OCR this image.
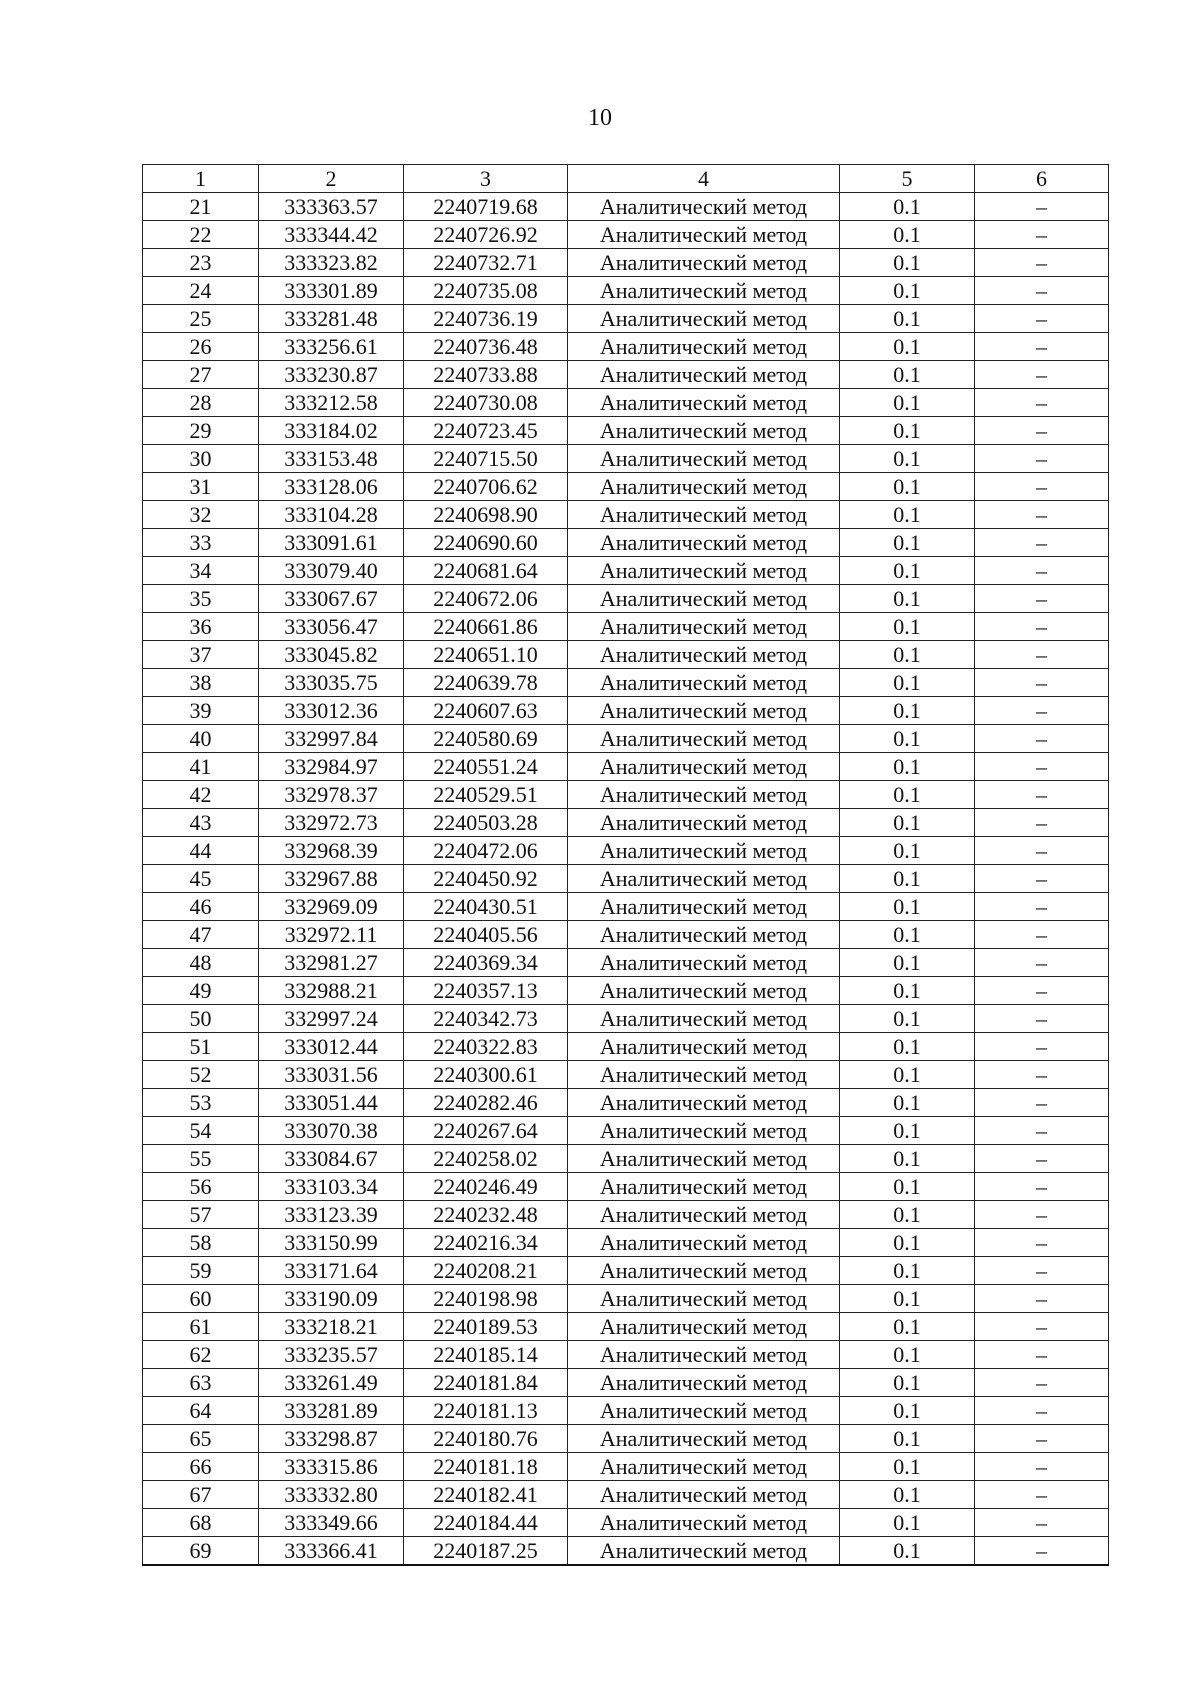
10
1	2	3	4	5	6
21	333363.57	2240719.68	Аналитический метод	0.1	–
22	333344.42	2240726.92	Аналитический метод	0.1	–
23	333323.82	2240732.71	Аналитический метод	0.1	–
24	333301.89	2240735.08	Аналитический метод	0.1	–
25	333281.48	2240736.19	Аналитический метод	0.1	–
26	333256.61	2240736.48	Аналитический метод	0.1	–
27	333230.87	2240733.88	Аналитический метод	0.1	–
28	333212.58	2240730.08	Аналитический метод	0.1	–
29	333184.02	2240723.45	Аналитический метод	0.1	–
30	333153.48	2240715.50	Аналитический метод	0.1	–
31	333128.06	2240706.62	Аналитический метод	0.1	–
32	333104.28	2240698.90	Аналитический метод	0.1	–
33	333091.61	2240690.60	Аналитический метод	0.1	–
34	333079.40	2240681.64	Аналитический метод	0.1	–
35	333067.67	2240672.06	Аналитический метод	0.1	–
36	333056.47	2240661.86	Аналитический метод	0.1	–
37	333045.82	2240651.10	Аналитический метод	0.1	–
38	333035.75	2240639.78	Аналитический метод	0.1	–
39	333012.36	2240607.63	Аналитический метод	0.1	–
40	332997.84	2240580.69	Аналитический метод	0.1	–
41	332984.97	2240551.24	Аналитический метод	0.1	–
42	332978.37	2240529.51	Аналитический метод	0.1	–
43	332972.73	2240503.28	Аналитический метод	0.1	–
44	332968.39	2240472.06	Аналитический метод	0.1	–
45	332967.88	2240450.92	Аналитический метод	0.1	–
46	332969.09	2240430.51	Аналитический метод	0.1	–
47	332972.11	2240405.56	Аналитический метод	0.1	–
48	332981.27	2240369.34	Аналитический метод	0.1	–
49	332988.21	2240357.13	Аналитический метод	0.1	–
50	332997.24	2240342.73	Аналитический метод	0.1	–
51	333012.44	2240322.83	Аналитический метод	0.1	–
52	333031.56	2240300.61	Аналитический метод	0.1	–
53	333051.44	2240282.46	Аналитический метод	0.1	–
54	333070.38	2240267.64	Аналитический метод	0.1	–
55	333084.67	2240258.02	Аналитический метод	0.1	–
56	333103.34	2240246.49	Аналитический метод	0.1	–
57	333123.39	2240232.48	Аналитический метод	0.1	–
58	333150.99	2240216.34	Аналитический метод	0.1	–
59	333171.64	2240208.21	Аналитический метод	0.1	–
60	333190.09	2240198.98	Аналитический метод	0.1	–
61	333218.21	2240189.53	Аналитический метод	0.1	–
62	333235.57	2240185.14	Аналитический метод	0.1	–
63	333261.49	2240181.84	Аналитический метод	0.1	–
64	333281.89	2240181.13	Аналитический метод	0.1	–
65	333298.87	2240180.76	Аналитический метод	0.1	–
66	333315.86	2240181.18	Аналитический метод	0.1	–
67	333332.80	2240182.41	Аналитический метод	0.1	–
68	333349.66	2240184.44	Аналитический метод	0.1	–
69	333366.41	2240187.25	Аналитический метод	0.1	–
